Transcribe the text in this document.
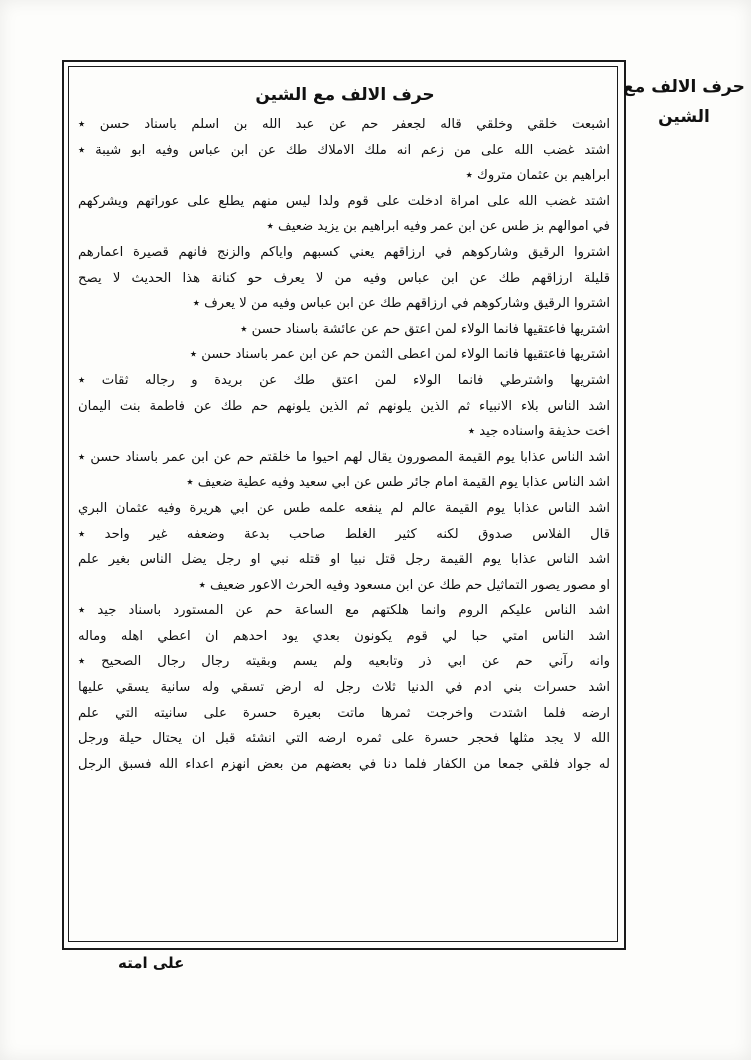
حرف الالف مع الشين
حرف الالف مع الشين
اشبعت خلقي وخلقي قاله لجعفر حم عن عبد الله بن اسلم باسناد حسن ٭
اشتد غضب الله على من زعم انه ملك الاملاك طك عن ابن عباس وفيه ابو شيبة ٭
ابراهيم بن عثمان متروك ٭
اشتد غضب الله على امراة ادخلت على قوم ولدا ليس منهم يطلع على عوراتهم ويشركهم
في اموالهم بز طس عن ابن عمر وفيه ابراهيم بن يزيد ضعيف ٭
اشتروا الرقيق وشاركوهم في ارزاقهم يعني كسبهم واياكم والزنج فانهم قصيرة اعمارهم
قليلة ارزاقهم طك عن ابن عباس وفيه من لا يعرف حو كنانة هذا الحديث لا يصح
اشتروا الرقيق وشاركوهم في ارزاقهم طك عن ابن عباس وفيه من لا يعرف ٭
اشتريها فاعتقيها فانما الولاء لمن اعتق حم عن عائشة باسناد حسن ٭
اشتريها فاعتقيها فانما الولاء لمن اعطى الثمن حم عن ابن عمر باسناد حسن ٭
اشتريها واشترطي فانما الولاء لمن اعتق طك عن بريدة و رجاله ثقات ٭
اشد الناس بلاء الانبياء ثم الذين يلونهم ثم الذين يلونهم حم طك عن فاطمة بنت اليمان
اخت حذيفة واسناده جيد ٭
اشد الناس عذابا يوم القيمة المصورون يقال لهم احيوا ما خلقتم حم عن ابن عمر باسناد حسن ٭
اشد الناس عذابا يوم القيمة امام جائر طس عن ابي سعيد وفيه عطية ضعيف ٭
اشد الناس عذابا يوم القيمة عالم لم ينفعه علمه طس عن ابي هريرة وفيه عثمان البري
قال الفلاس صدوق لكنه كثير الغلط صاحب بدعة وضعفه غير واحد ٭
اشد الناس عذابا يوم القيمة رجل قتل نبيا او قتله نبي او رجل يضل الناس بغير علم
او مصور يصور التماثيل حم طك عن ابن مسعود وفيه الحرث الاعور ضعيف ٭
اشد الناس عليكم الروم وانما هلكتهم مع الساعة حم عن المستورد باسناد جيد ٭
اشد الناس امتي حبا لي قوم يكونون بعدي يود احدهم ان اعطي اهله وماله
وانه رآني حم عن ابي ذر وتابعيه ولم يسم وبقيته رجال رجال الصحيح ٭
اشد حسرات بني ادم في الدنيا ثلاث رجل له ارض تسقي وله سانية يسقي عليها
ارضه فلما اشتدت واخرجت ثمرها ماتت بعيرة حسرة على سانيته التي علم
الله لا يجد مثلها فحجر حسرة على ثمره ارضه التي انشئه قبل ان يحتال حيلة ورجل
له جواد فلقي جمعا من الكفار فلما دنا في بعضهم من بعض انهزم اعداء الله فسبق الرجل
على امته
